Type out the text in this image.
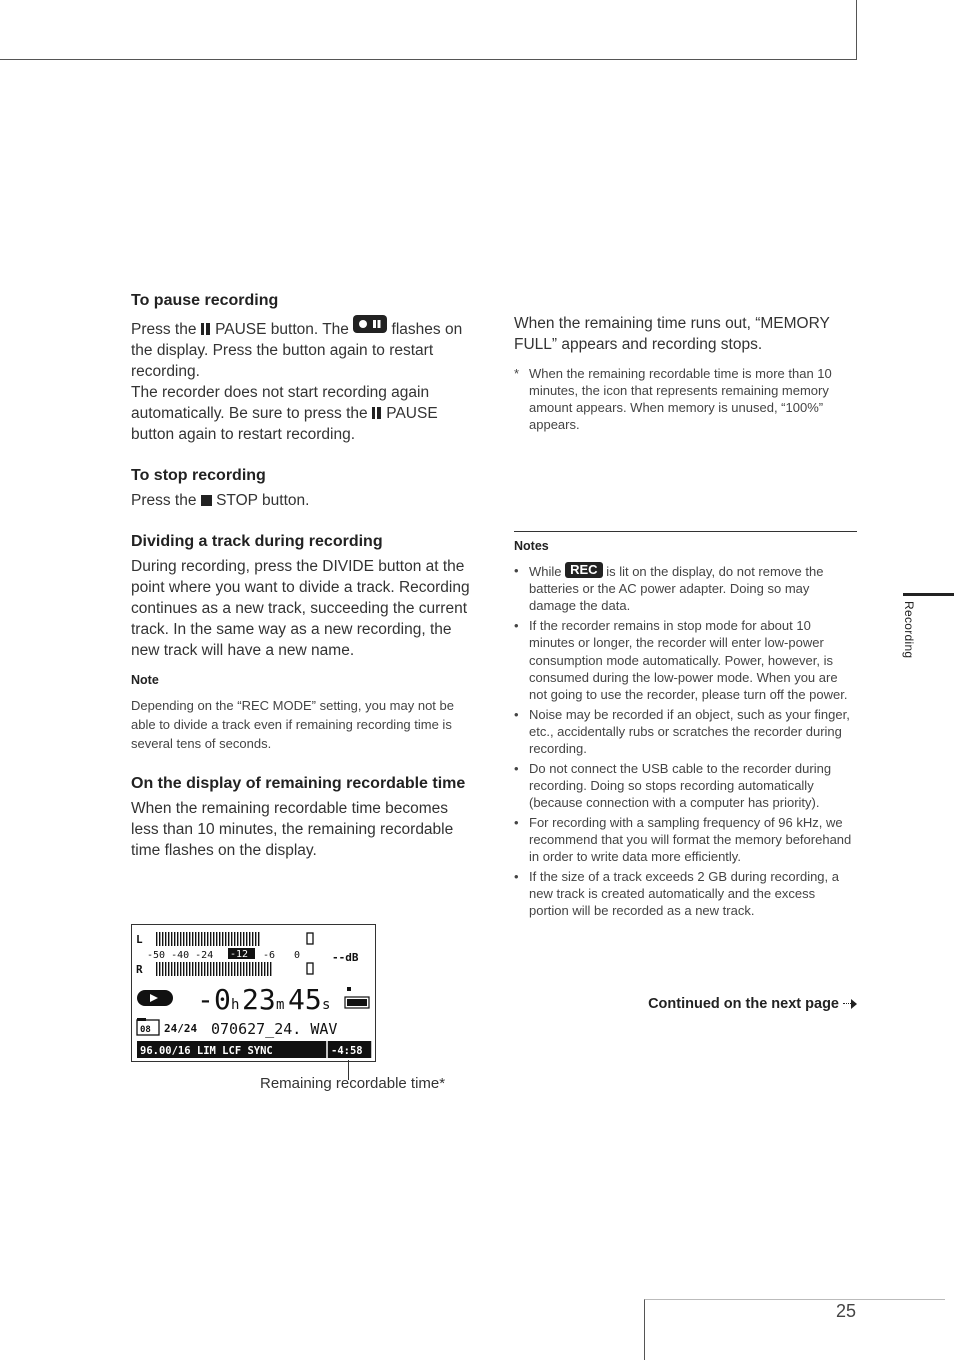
Recording
To pause recording

Press the  PAUSE button. The  flashes on the display. Press the button again to restart recording.

The recorder does not start recording again automatically. Be sure to press the  PAUSE button again to restart recording.

To stop recording

Press the  STOP button.

Dividing a track during recording

During recording, press the DIVIDE button at the point where you want to divide a track. Recording continues as a new track, succeeding the current track. In the same way as a new recording, the new track will have a new name.

Note

Depending on the “REC MODE” setting, you may not be able to divide a track even if remaining recording time is several tens of seconds.

On the display of remaining recordable time

When the remaining recordable time becomes less than 10 minutes, the remaining recordable time flashes on the display.

L
R
-50 -40 -24 -12 -6 0	--dB
- 0 h 23 m 45 s
08 24/24 070627_24. WAV
96.00/16 LIM LCF SYNC	-4:58
Remaining recordable time*

When the remaining time runs out, “MEMORY FULL” appears and recording stops.

* When the remaining recordable time is more than 10 minutes, the icon that represents remaining memory amount appears. When memory is unused, “100%” appears.
Notes
• While REC is lit on the display, do not remove the batteries or the AC power adapter. Doing so may damage the data.
• If the recorder remains in stop mode for about 10 minutes or longer, the recorder will enter low-power consumption mode automatically. Power, however, is consumed during the low-power mode. When you are not going to use the recorder, please turn off the power.
• Noise may be recorded if an object, such as your finger, etc., accidentally rubs or scratches the recorder during recording.
• Do not connect the USB cable to the recorder during recording. Doing so stops recording automatically (because connection with a computer has priority).
• For recording with a sampling frequency of 96 kHz, we recommend that you will format the memory beforehand in order to write data more efficiently.
• If the size of a track exceeds 2 GB during recording, a new track is created automatically and the excess portion will be recorded as a new track.
Continued on the next page
25
